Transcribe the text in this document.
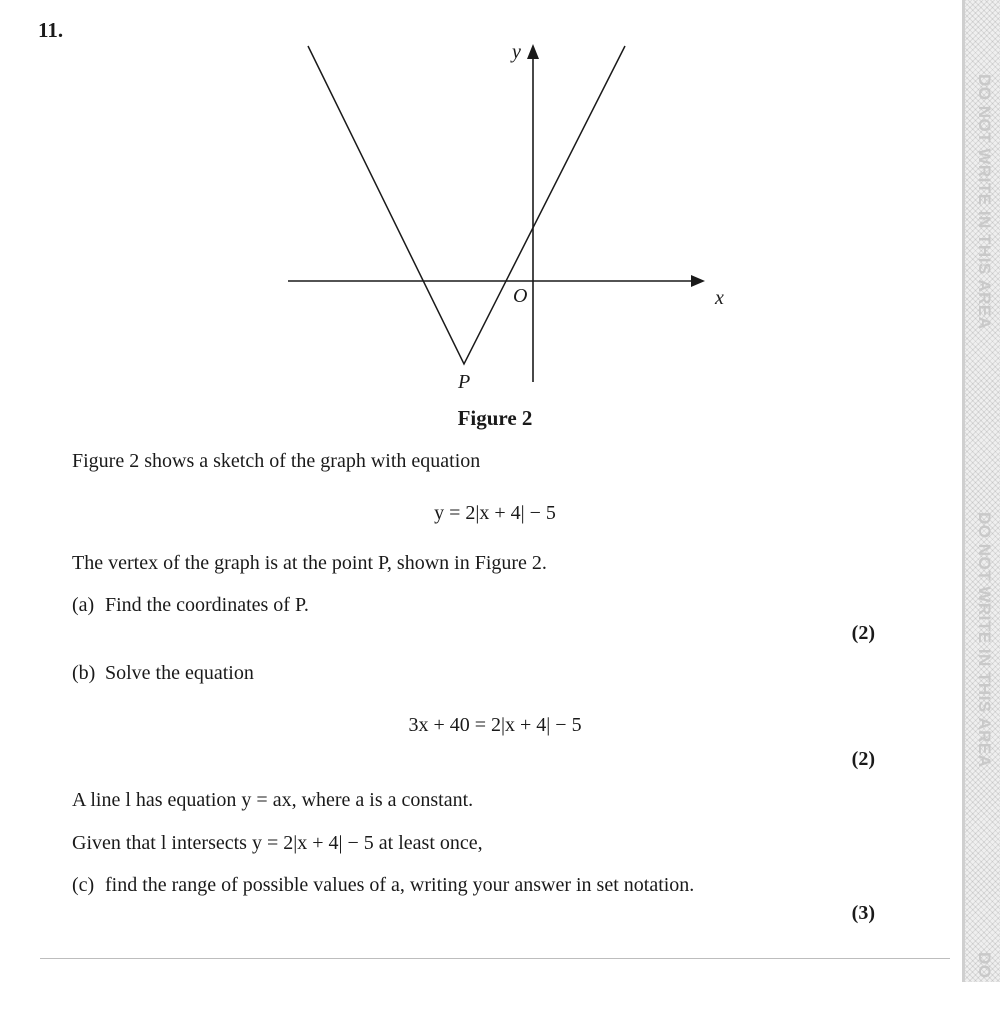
11.
y
x
O
P
Figure 2
Figure 2 shows a sketch of the graph with equation
y = 2|x + 4| − 5
The vertex of the graph is at the point P, shown in Figure 2.
(a) Find the coordinates of P.
(2)
(b) Solve the equation
3x + 40 = 2|x + 4| − 5
(2)
A line l has equation y = ax, where a is a constant.
Given that l intersects y = 2|x + 4| − 5 at least once,
(c) find the range of possible values of a, writing your answer in set notation.
(3)
DO NOT WRITE IN THIS AREA
DO NOT WRITE IN THIS AREA
DO
